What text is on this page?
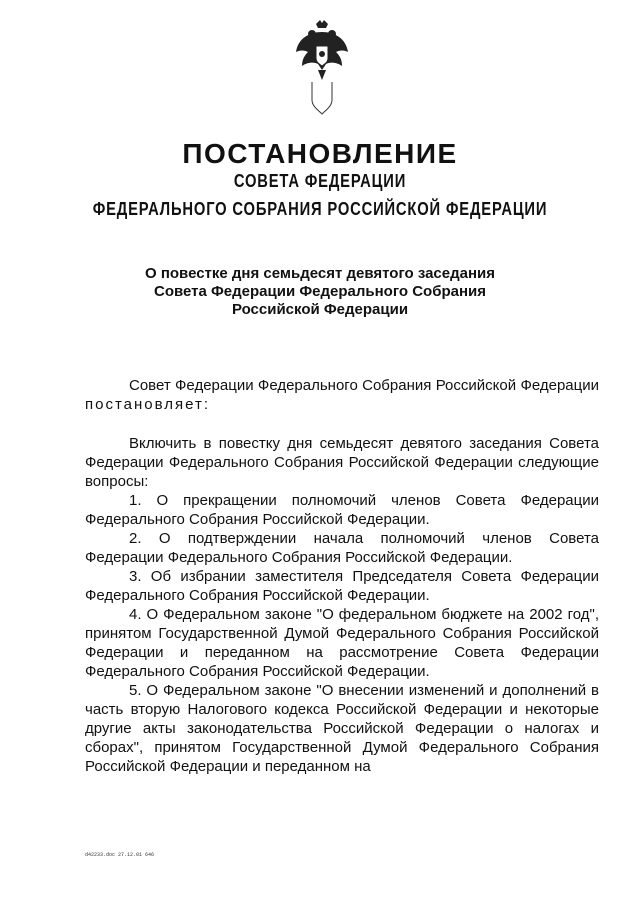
ПОСТАНОВЛЕНИЕ
СОВЕТА ФЕДЕРАЦИИ
ФЕДЕРАЛЬНОГО СОБРАНИЯ РОССИЙСКОЙ ФЕДЕРАЦИИ
О повестке дня семьдесят девятого заседания
Совета Федерации Федерального Собрания
Российской Федерации

Совет Федерации Федерального Собрания Российской Федерации постановляет:

Включить в повестку дня семьдесят девятого заседания Совета Федерации Федерального Собрания Российской Федерации следующие вопросы:

1. О прекращении полномочий членов Совета Федерации Федерального Собрания Российской Федерации.

2. О подтверждении начала полномочий членов Совета Федерации Федерального Собрания Российской Федерации.

3. Об избрании заместителя Председателя Совета Федерации Федерального Собрания Российской Федерации.

4. О Федеральном законе "О федеральном бюджете на 2002 год", принятом Государственной Думой Федерального Собрания Российской Федерации и переданном на рассмотрение Совета Федерации Федерального Собрания Российской Федерации.

5. О Федеральном законе "О внесении изменений и дополнений в часть вторую Налогового кодекса Российской Федерации и некоторые другие акты законодательства Российской Федерации о налогах и сборах", принятом Государственной Думой Федерального Собрания Российской Федерации и переданном на

d42233.doc 27.12.01 646
